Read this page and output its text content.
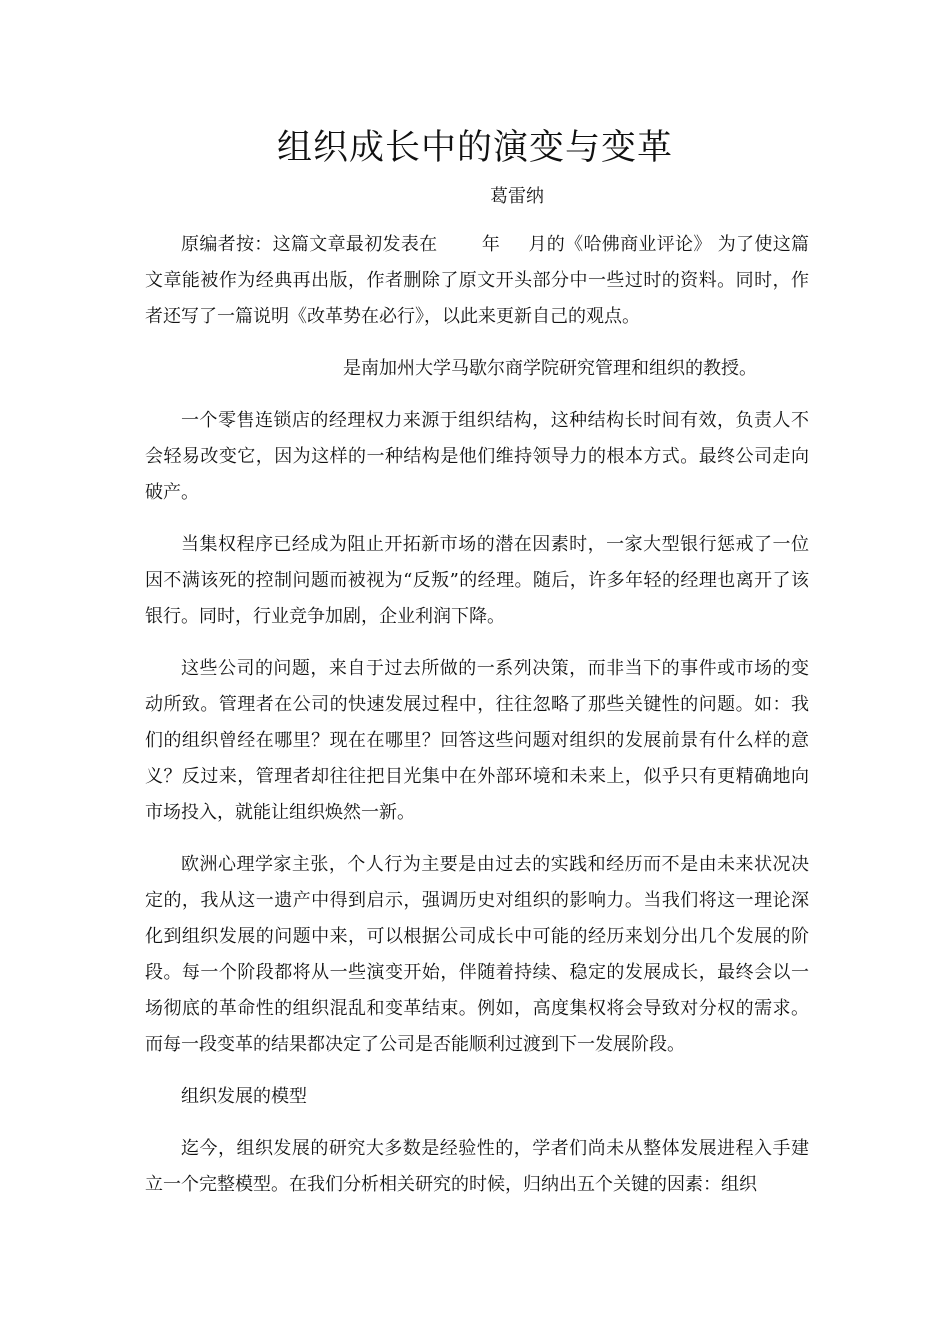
组织成长中的演变与变革
葛雷纳

原编者按：这篇文章最初发表在 年 月的《哈佛商业评论》 为了使这篇文章能被作为经典再出版，作者删除了原文开头部分中一些过时的资料。同时，作者还写了一篇说明《改革势在必行》，以此来更新自己的观点。

是南加州大学马歇尔商学院研究管理和组织的教授。

一个零售连锁店的经理权力来源于组织结构，这种结构长时间有效，负责人不会轻易改变它，因为这样的一种结构是他们维持领导力的根本方式。最终公司走向破产。

当集权程序已经成为阻止开拓新市场的潜在因素时，一家大型银行惩戒了一位因不满该死的控制问题而被视为“反叛”的经理。随后，许多年轻的经理也离开了该银行。同时，行业竞争加剧，企业利润下降。

这些公司的问题，来自于过去所做的一系列决策，而非当下的事件或市场的变动所致。管理者在公司的快速发展过程中，往往忽略了那些关键性的问题。如：我们的组织曾经在哪里？现在在哪里？回答这些问题对组织的发展前景有什么样的意义？反过来，管理者却往往把目光集中在外部环境和未来上，似乎只有更精确地向市场投入，就能让组织焕然一新。

欧洲心理学家主张，个人行为主要是由过去的实践和经历而不是由未来状况决定的，我从这一遗产中得到启示，强调历史对组织的影响力。当我们将这一理论深化到组织发展的问题中来，可以根据公司成长中可能的经历来划分出几个发展的阶段。每一个阶段都将从一些演变开始，伴随着持续、稳定的发展成长，最终会以一场彻底的革命性的组织混乱和变革结束。例如，高度集权将会导致对分权的需求。而每一段变革的结果都决定了公司是否能顺利过渡到下一发展阶段。

组织发展的模型

迄今，组织发展的研究大多数是经验性的，学者们尚未从整体发展进程入手建立一个完整模型。在我们分析相关研究的时候，归纳出五个关键的因素：组织
